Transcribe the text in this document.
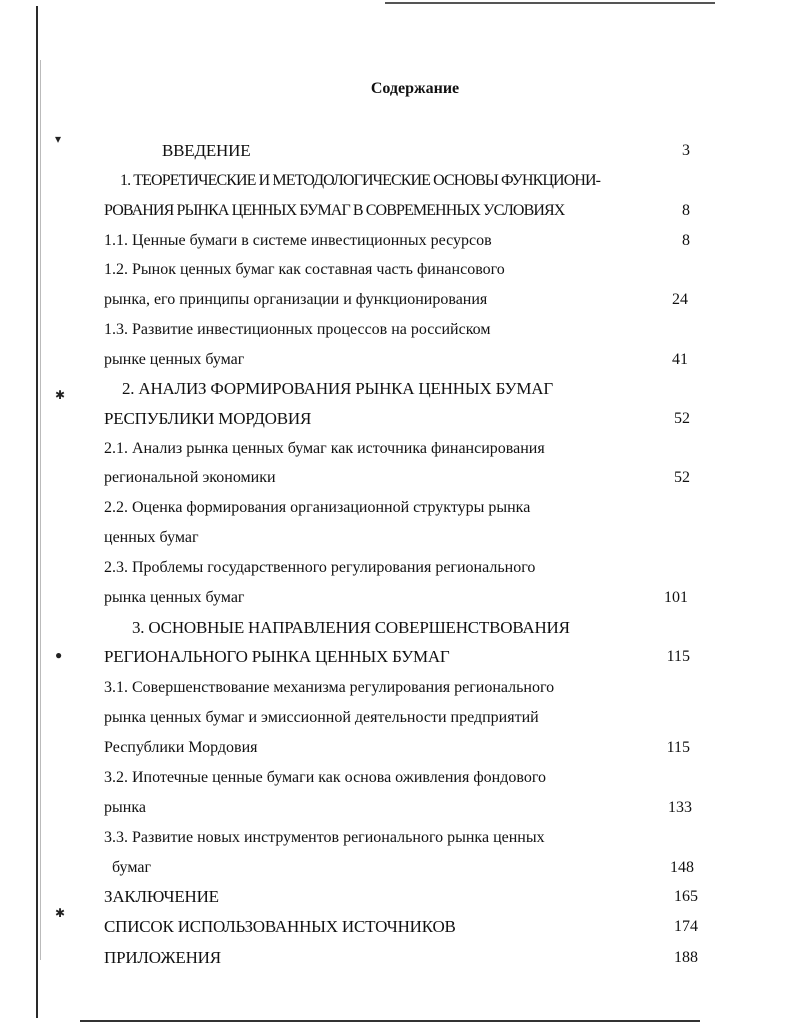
▾
✱
●
✱
Содержание
ВВЕДЕНИЕ
1. ТЕОРЕТИЧЕСКИЕ И МЕТОДОЛОГИЧЕСКИЕ ОСНОВЫ ФУНКЦИОНИ-
РОВАНИЯ РЫНКА ЦЕННЫХ БУМАГ В СОВРЕМЕННЫХ УСЛОВИЯХ
1.1. Ценные бумаги в системе инвестиционных ресурсов
1.2. Рынок ценных бумаг как составная часть финансового
рынка, его принципы организации и функционирования
1.3. Развитие инвестиционных процессов на российском
рынке ценных бумаг
2. АНАЛИЗ ФОРМИРОВАНИЯ РЫНКА ЦЕННЫХ БУМАГ
РЕСПУБЛИКИ МОРДОВИЯ
2.1. Анализ рынка ценных бумаг как источника финансирования
региональной экономики
2.2. Оценка формирования организационной структуры рынка
ценных бумаг
2.3. Проблемы государственного регулирования регионального
рынка ценных бумаг
3. ОСНОВНЫЕ НАПРАВЛЕНИЯ СОВЕРШЕНСТВОВАНИЯ
РЕГИОНАЛЬНОГО РЫНКА ЦЕННЫХ БУМАГ
3.1. Совершенствование механизма регулирования регионального
рынка ценных бумаг и эмиссионной деятельности предприятий
Республики Мордовия
3.2. Ипотечные ценные бумаги как основа оживления фондового
рынка
3.3. Развитие новых инструментов регионального рынка ценных
бумаг
ЗАКЛЮЧЕНИЕ
СПИСОК ИСПОЛЬЗОВАННЫХ ИСТОЧНИКОВ
ПРИЛОЖЕНИЯ
3
8
8
24
41
52
52
101
115
115
133
148
165
174
188
